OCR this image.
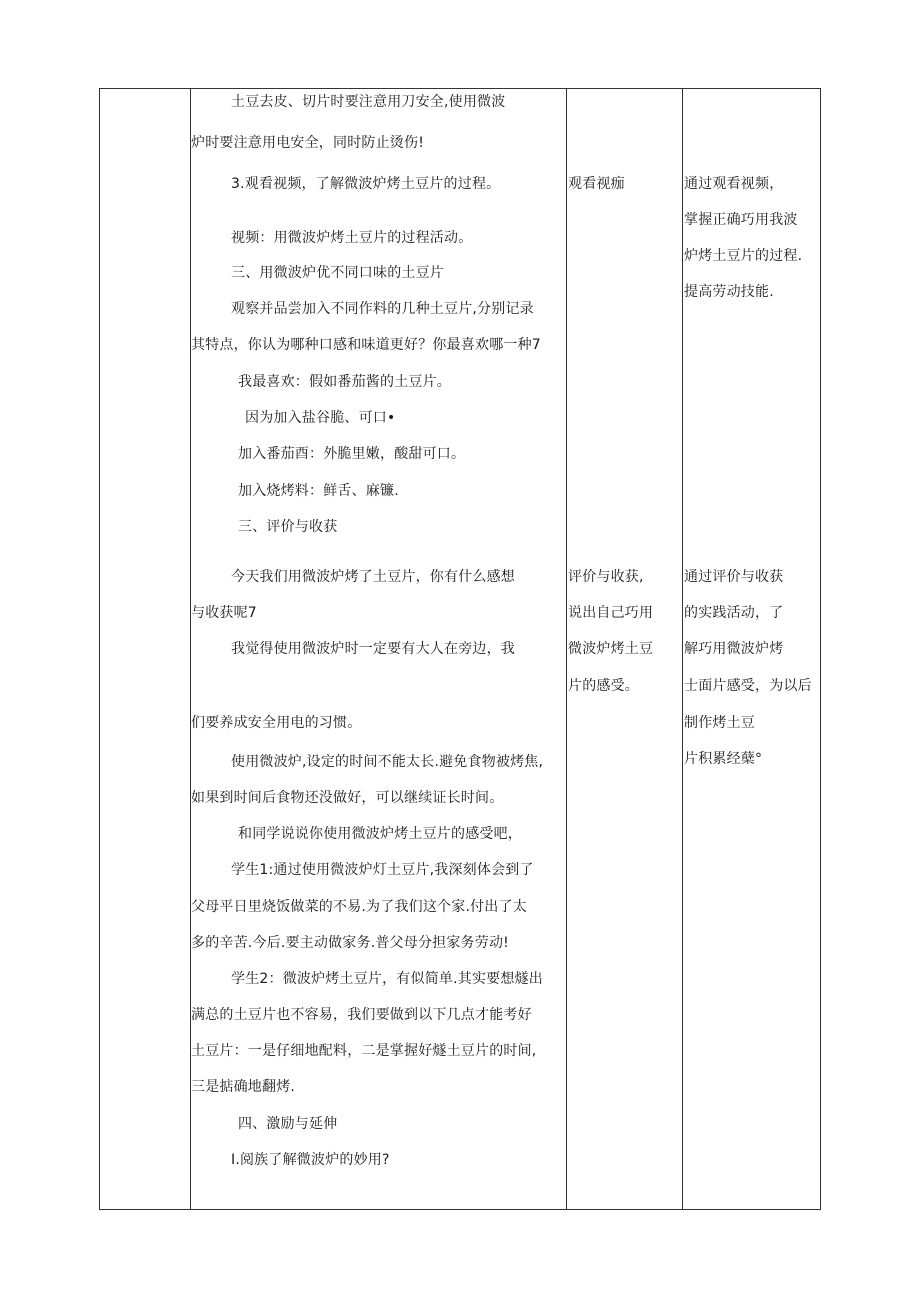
土豆去皮、切片时要注意用刀安全,使用微波
炉时要注意用电安全，同时防止烫伤!
3.观看视频，了解微波炉烤土豆片的过程。
视频：用微波炉烤土豆片的过程活动。
三、用微波炉优不同口味的土豆片
观察并品尝加入不同作料的几种土豆片,分别记录
其特点，你认为哪种口感和味道更好？你最喜欢哪一种7
我最喜欢：假如番茄酱的土豆片。
因为加入盐谷脆、可口•
加入番茄酉：外脆里嫩，酸甜可口。
加入烧烤料：鲜舌、麻镰.
三、评价与收获
今天我们用微波炉烤了土豆片，你有什么感想
与收获呢7
我觉得使用微波炉时一定要有大人在旁边，我
们要养成安全用电的习惯。
使用微波炉,设定的时间不能太长.避免食物被烤焦,
如果到时间后食物还没做好，可以继续证长时间。
和同学说说你使用微波炉烤土豆片的感受吧，
学生1:通过使用微波炉灯土豆片,我深刻体会到了
父母平日里烧饭做菜的不易.为了我们这个家.付出了太
多的辛苦.今后.要主动做家务.普父母分担家务劳动!
学生2：微波炉烤土豆片，有似简单.其实要想燧出
满总的土豆片也不容易，我们要做到以下几点才能考好
土豆片：一是仔细地配料，二是掌握好燧土豆片的时间,
三是掂确地翻烤.
四、激励与延伸
I.阅族了解微波炉的妙用?
观看视痂
评价与收获,
说出自己巧用
微波炉烤土豆
片的感受。
通过观看视频，
掌握正确巧用我波
炉烤土豆片的过程.
提高劳动技能.
通过评价与收获
的实践活动，了
解巧用微波炉烤
士面片感受，为以后
制作烤土豆
片积累经蘖°
